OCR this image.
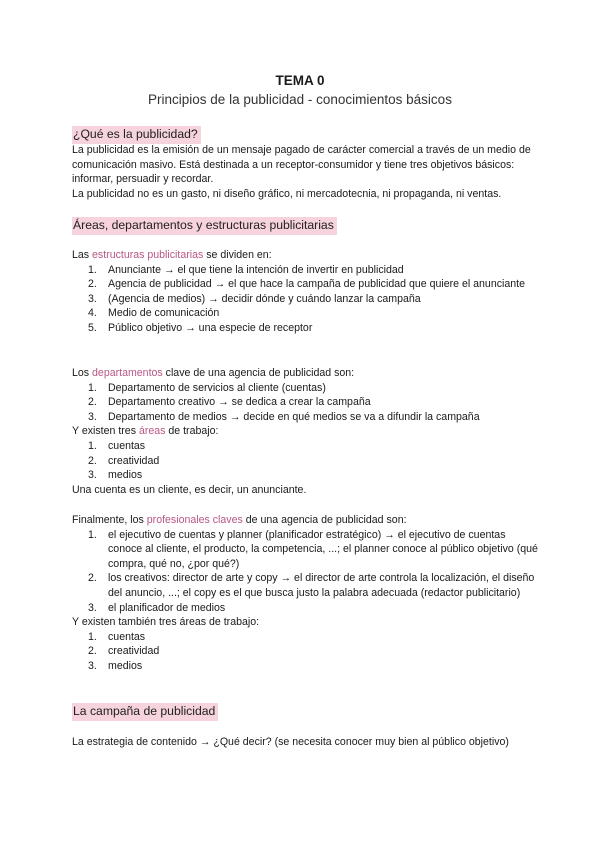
TEMA 0
Principios de la publicidad - conocimientos básicos
¿Qué es la publicidad?

La publicidad es la emisión de un mensaje pagado de carácter comercial a través de un medio de comunicación masivo. Está destinada a un receptor-consumidor y tiene tres objetivos básicos: informar, persuadir y recordar.

La publicidad no es un gasto, ni diseño gráfico, ni mercadotecnia, ni propaganda, ni ventas.

Áreas, departamentos y estructuras publicitarias

Las estructuras publicitarias se dividen en:

1. Anunciante → el que tiene la intención de invertir en publicidad
2. Agencia de publicidad → el que hace la campaña de publicidad que quiere el anunciante
3. (Agencia de medios) → decidir dónde y cuándo lanzar la campaña
4. Medio de comunicación
5. Público objetivo → una especie de receptor

Los departamentos clave de una agencia de publicidad son:

1. Departamento de servicios al cliente (cuentas)
2. Departamento creativo → se dedica a crear la campaña
3. Departamento de medios → decide en qué medios se va a difundir la campaña

Y existen tres áreas de trabajo:

1. cuentas
2. creatividad
3. medios

Una cuenta es un cliente, es decir, un anunciante.

Finalmente, los profesionales claves de una agencia de publicidad son:

1. el ejecutivo de cuentas y planner (planificador estratégico) → el ejecutivo de cuentas conoce al cliente, el producto, la competencia, ...; el planner conoce al público objetivo (qué compra, qué no, ¿por qué?)
2. los creativos: director de arte y copy → el director de arte controla la localización, el diseño del anuncio, ...; el copy es el que busca justo la palabra adecuada (redactor publicitario)
3. el planificador de medios

Y existen también tres áreas de trabajo:

1. cuentas
2. creatividad
3. medios
La campaña de publicidad

La estrategia de contenido → ¿Qué decir? (se necesita conocer muy bien al público objetivo)
